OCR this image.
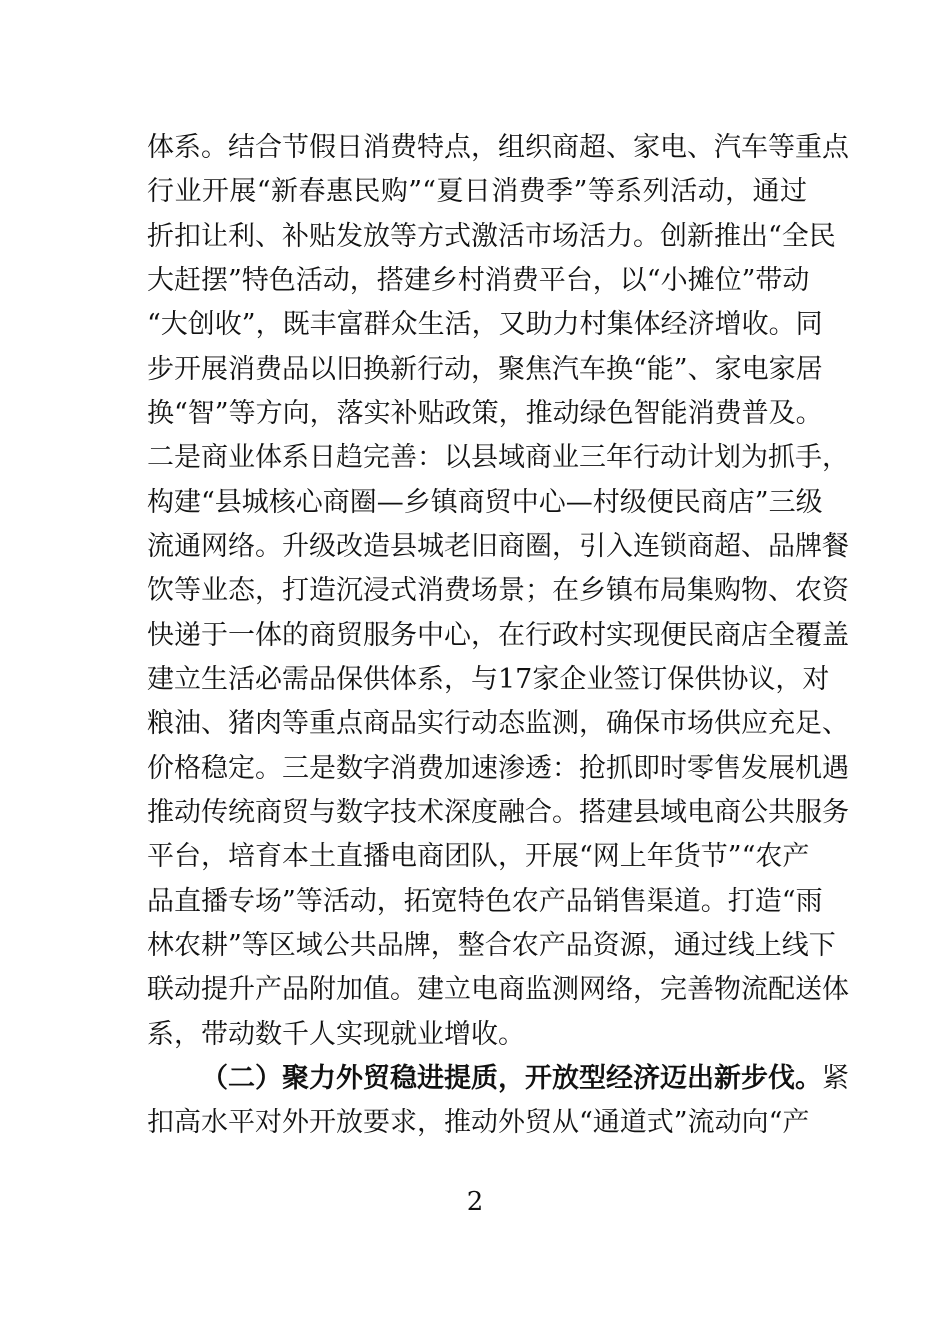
体系。结合节假日消费特点，组织商超、家电、汽车等重点
行业开展“新春惠民购”“夏日消费季”等系列活动，通过
折扣让利、补贴发放等方式激活市场活力。创新推出“全民
大赶摆”特色活动，搭建乡村消费平台，以“小摊位”带动
“大创收”，既丰富群众生活，又助力村集体经济增收。同
步开展消费品以旧换新行动，聚焦汽车换“能”、家电家居
换“智”等方向，落实补贴政策，推动绿色智能消费普及。
二是商业体系日趋完善：以县域商业三年行动计划为抓手，
构建“县城核心商圈—乡镇商贸中心—村级便民商店”三级
流通网络。升级改造县城老旧商圈，引入连锁商超、品牌餐
饮等业态，打造沉浸式消费场景；在乡镇布局集购物、农资
快递于一体的商贸服务中心，在行政村实现便民商店全覆盖
建立生活必需品保供体系，与17家企业签订保供协议，对
粮油、猪肉等重点商品实行动态监测，确保市场供应充足、
价格稳定。三是数字消费加速渗透：抢抓即时零售发展机遇
推动传统商贸与数字技术深度融合。搭建县域电商公共服务
平台，培育本土直播电商团队，开展“网上年货节”“农产
品直播专场”等活动，拓宽特色农产品销售渠道。打造“雨
林农耕”等区域公共品牌，整合农产品资源，通过线上线下
联动提升产品附加值。建立电商监测网络，完善物流配送体
系，带动数千人实现就业增收。
（二）聚力外贸稳进提质，开放型经济迈出新步伐。紧
扣高水平对外开放要求，推动外贸从“通道式”流动向“产
2
